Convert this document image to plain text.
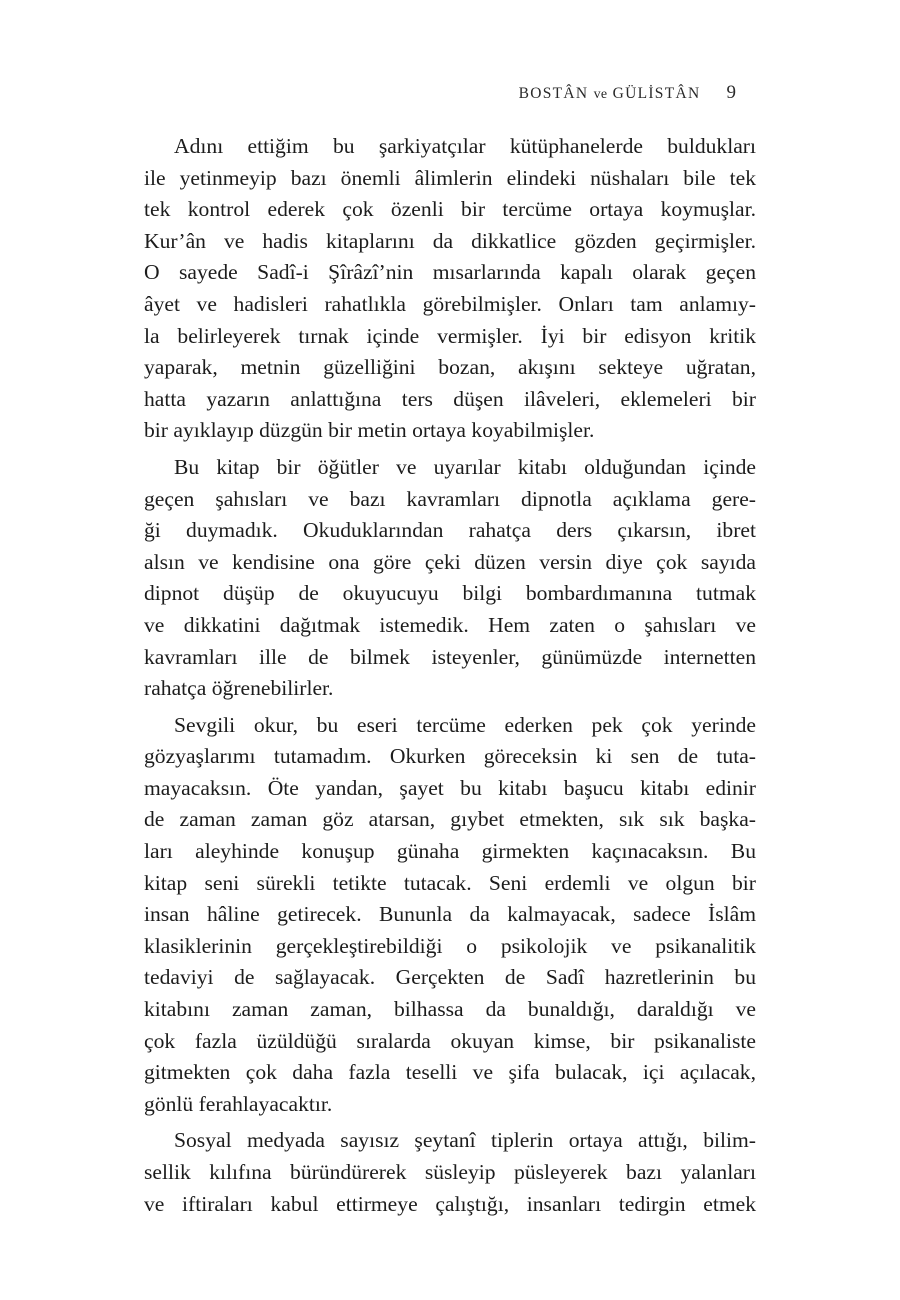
BOSTÂN ve GÜLİSTÂN 9
Adını ettiğim bu şarkiyatçılar kütüphanelerde buldukları
ile yetinmeyip bazı önemli âlimlerin elindeki nüshaları bile tek
tek kontrol ederek çok özenli bir tercüme ortaya koymuşlar.
Kur’ân ve hadis kitaplarını da dikkatlice gözden geçirmişler.
O sayede Sadî-i Şîrâzî’nin mısarlarında kapalı olarak geçen
âyet ve hadisleri rahatlıkla görebilmişler. Onları tam anlamıy-
la belirleyerek tırnak içinde vermişler. İyi bir edisyon kritik
yaparak, metnin güzelliğini bozan, akışını sekteye uğratan,
hatta yazarın anlattığına ters düşen ilâveleri, eklemeleri bir
bir ayıklayıp düzgün bir metin ortaya koyabilmişler.
Bu kitap bir öğütler ve uyarılar kitabı olduğundan içinde
geçen şahısları ve bazı kavramları dipnotla açıklama gere-
ği duymadık. Okuduklarından rahatça ders çıkarsın, ibret
alsın ve kendisine ona göre çeki düzen versin diye çok sayıda
dipnot düşüp de okuyucuyu bilgi bombardımanına tutmak
ve dikkatini dağıtmak istemedik. Hem zaten o şahısları ve
kavramları ille de bilmek isteyenler, günümüzde internetten
rahatça öğrenebilirler.
Sevgili okur, bu eseri tercüme ederken pek çok yerinde
gözyaşlarımı tutamadım. Okurken göreceksin ki sen de tuta-
mayacaksın. Öte yandan, şayet bu kitabı başucu kitabı edinir
de zaman zaman göz atarsan, gıybet etmekten, sık sık başka-
ları aleyhinde konuşup günaha girmekten kaçınacaksın. Bu
kitap seni sürekli tetikte tutacak. Seni erdemli ve olgun bir
insan hâline getirecek. Bununla da kalmayacak, sadece İslâm
klasiklerinin gerçekleştirebildiği o psikolojik ve psikanalitik
tedaviyi de sağlayacak. Gerçekten de Sadî hazretlerinin bu
kitabını zaman zaman, bilhassa da bunaldığı, daraldığı ve
çok fazla üzüldüğü sıralarda okuyan kimse, bir psikanaliste
gitmekten çok daha fazla teselli ve şifa bulacak, içi açılacak,
gönlü ferahlayacaktır.
Sosyal medyada sayısız şeytanî tiplerin ortaya attığı, bilim-
sellik kılıfına büründürerek süsleyip püsleyerek bazı yalanları
ve iftiraları kabul ettirmeye çalıştığı, insanları tedirgin etmek
